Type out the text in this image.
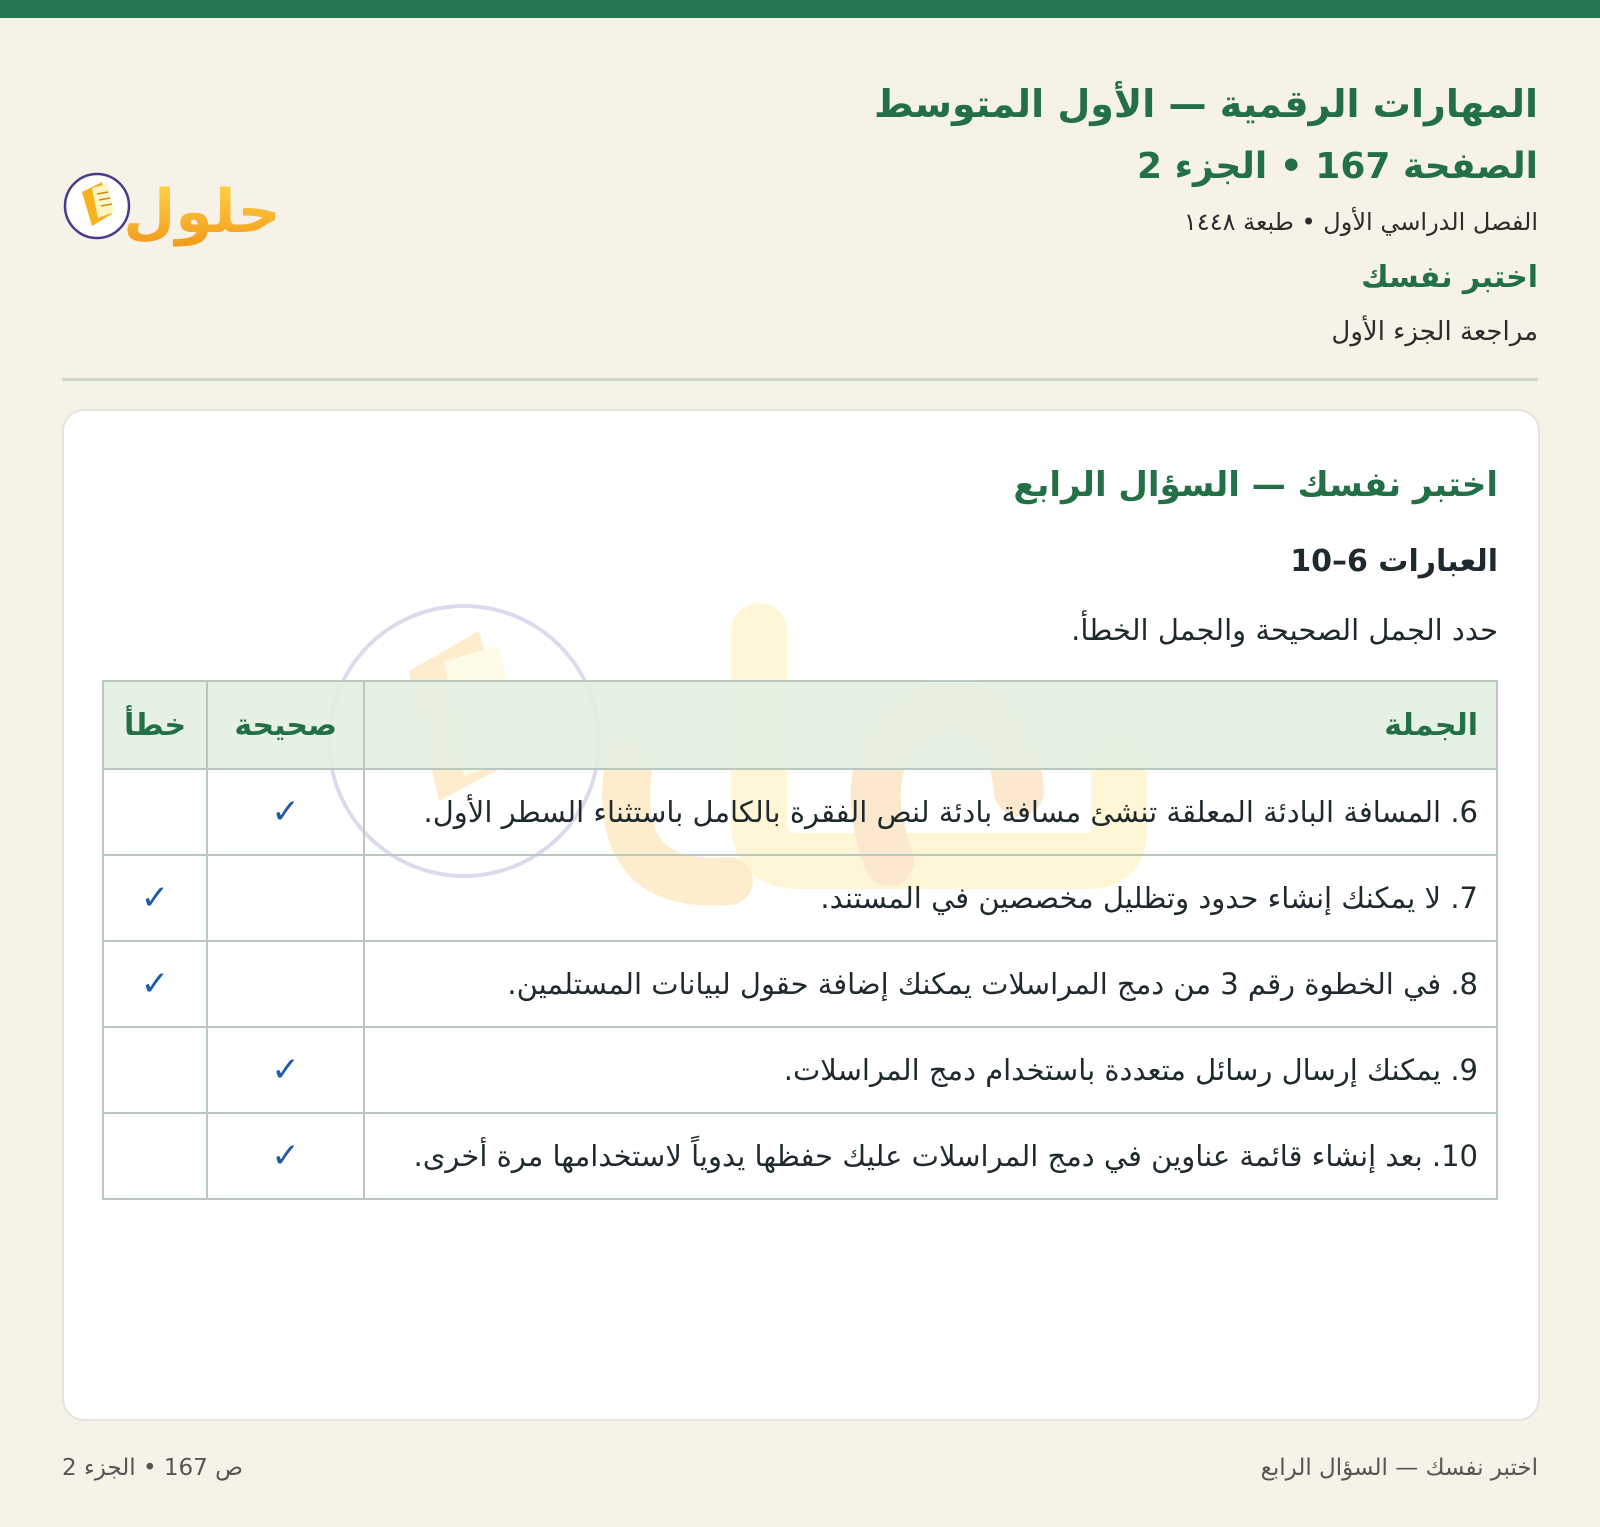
المهارات الرقمية — الأول المتوسط
الصفحة 167 • الجزء 2
الفصل الدراسي الأول • طبعة ١٤٤٨
اختبر نفسك
مراجعة الجزء الأول
حلول
اختبر نفسك — السؤال الرابع
العبارات 6–10
حدد الجمل الصحيحة والجمل الخطأ.
الجملة	صحيحة	خطأ
6. المسافة البادئة المعلقة تنشئ مسافة بادئة لنص الفقرة بالكامل باستثناء السطر الأول.	✓	
7. لا يمكنك إنشاء حدود وتظليل مخصصين في المستند.		✓
8. في الخطوة رقم 3 من دمج المراسلات يمكنك إضافة حقول لبيانات المستلمين.		✓
9. يمكنك إرسال رسائل متعددة باستخدام دمج المراسلات.	✓	
10. بعد إنشاء قائمة عناوين في دمج المراسلات عليك حفظها يدوياً لاستخدامها مرة أخرى.	✓	
اختبر نفسك — السؤال الرابع
ص 167 • الجزء 2
